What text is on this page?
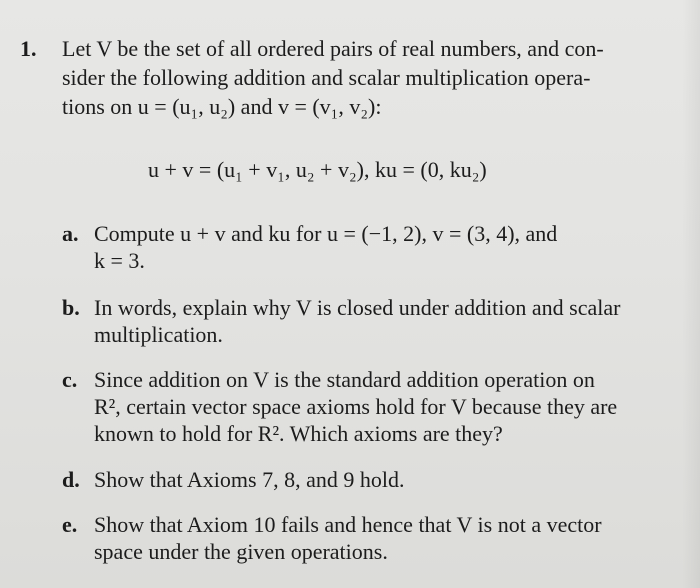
1. Let V be the set of all ordered pairs of real numbers, and con-
sider the following addition and scalar multiplication opera-
tions on u = (u₁, u₂) and v = (v₁, v₂):
u + v = (u₁ + v₁, u₂ + v₂), ku = (0, ku₂)
a. Compute u + v and ku for u = (−1, 2), v = (3, 4), and
k = 3.
b. In words, explain why V is closed under addition and scalar
multiplication.
c. Since addition on V is the standard addition operation on
R², certain vector space axioms hold for V because they are
known to hold for R². Which axioms are they?
d. Show that Axioms 7, 8, and 9 hold.
e. Show that Axiom 10 fails and hence that V is not a vector
space under the given operations.
